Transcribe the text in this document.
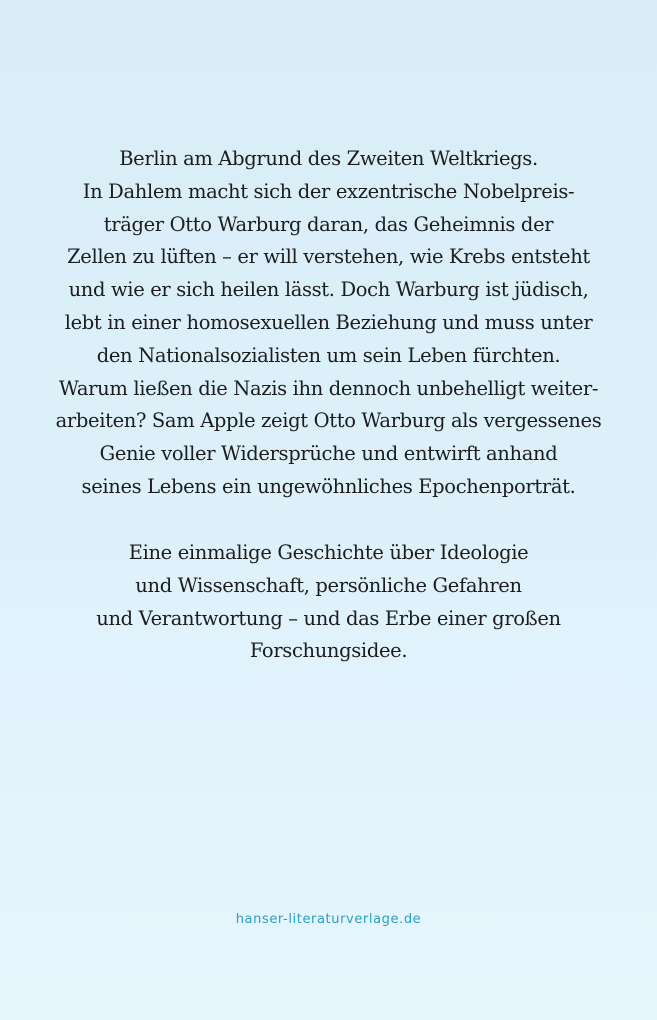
Berlin am Abgrund des Zweiten Weltkriegs.
In Dahlem macht sich der exzentrische Nobelpreis-
träger Otto Warburg daran, das Geheimnis der
Zellen zu lüften – er will verstehen, wie Krebs entsteht
und wie er sich heilen lässt. Doch Warburg ist jüdisch,
lebt in einer homosexuellen Beziehung und muss unter
den Nationalsozialisten um sein Leben fürchten.
Warum ließen die Nazis ihn dennoch unbehelligt weiter-
arbeiten? Sam Apple zeigt Otto Warburg als vergessenes
Genie voller Widersprüche und entwirft anhand
seines Lebens ein ungewöhnliches Epochenporträt.

Eine einmalige Geschichte über Ideologie
und Wissenschaft, persönliche Gefahren
und Verantwortung – und das Erbe einer großen
Forschungsidee.

hanser-literaturverlage.de
